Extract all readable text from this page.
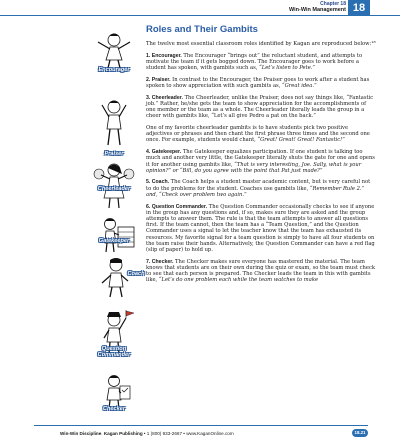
Chapter 18
Win-Win Management 18
Encourager
Praiser
Cheerleader
Gatekeeper
Coach
Question Commander
Checker
Roles and Their Gambits
The twelve most essential classroom roles identified by Kagan are reproduced below:¹⁸
1. Encourager. The Encourager “brings out” the reluctant student, and attempts to motivate the team if it gets bogged down. The Encourager goes to work before a student has spoken, with gambits such as, “Let’s listen to Pete.”
2. Praiser. In contrast to the Encourager, the Praiser goes to work after a student has spoken to show appreciation with such gambits as, “Great idea.”
3. Cheerleader. The Cheerleader, unlike the Praiser, does not say things like, “Fantastic job.” Rather, he/she gets the team to show appreciation for the accomplishments of one member or the team as a whole. The Cheerleader literally leads the group in a cheer with gambits like, “Let’s all give Pedro a pat on the back.”
One of my favorite cheerleader gambits is to have students pick two positive adjectives or phrases and then chant the first phrase three times and the second one once. For example, students would chant, “Great! Great! Great! Fantastic!”
4. Gatekeeper. The Gatekeeper equalizes participation. If one student is talking too much and another very little, the Gatekeeper literally shuts the gate for one and opens it for another using gambits like, “That is very interesting, Joe. Sally, what is your opinion?” or “Bill, do you agree with the point that Pat just made?”
5. Coach. The Coach helps a student master academic content, but is very careful not to do the problems for the student. Coaches use gambits like, “Remember Rule 2.” and, “Check over problem two again.”
6. Question Commander. The Question Commander occasionally checks to see if anyone in the group has any questions and, if so, makes sure they are asked and the group attempts to answer them. The rule is that the team attempts to answer all questions first. If the team cannot, then the team has a “Team Question,” and the Question Commander uses a signal to let the teacher know that the team has exhausted its resources. My favorite signal for a team question is simply to have all four students on the team raise their hands. Alternatively, the Question Commander can have a red flag (slip of paper) to hold up.
7. Checker. The Checker makes sure everyone has mastered the material. The team knows that students are on their own during the quiz or exam, so the team must check to see that each person is prepared. The Checker leads the team in this with gambits like, “Let’s do one problem each while the team watches to make
Win-Win Discipline. Kagan Publishing • 1 (800) 933-2667 • www.KaganOnline.com	18.21
